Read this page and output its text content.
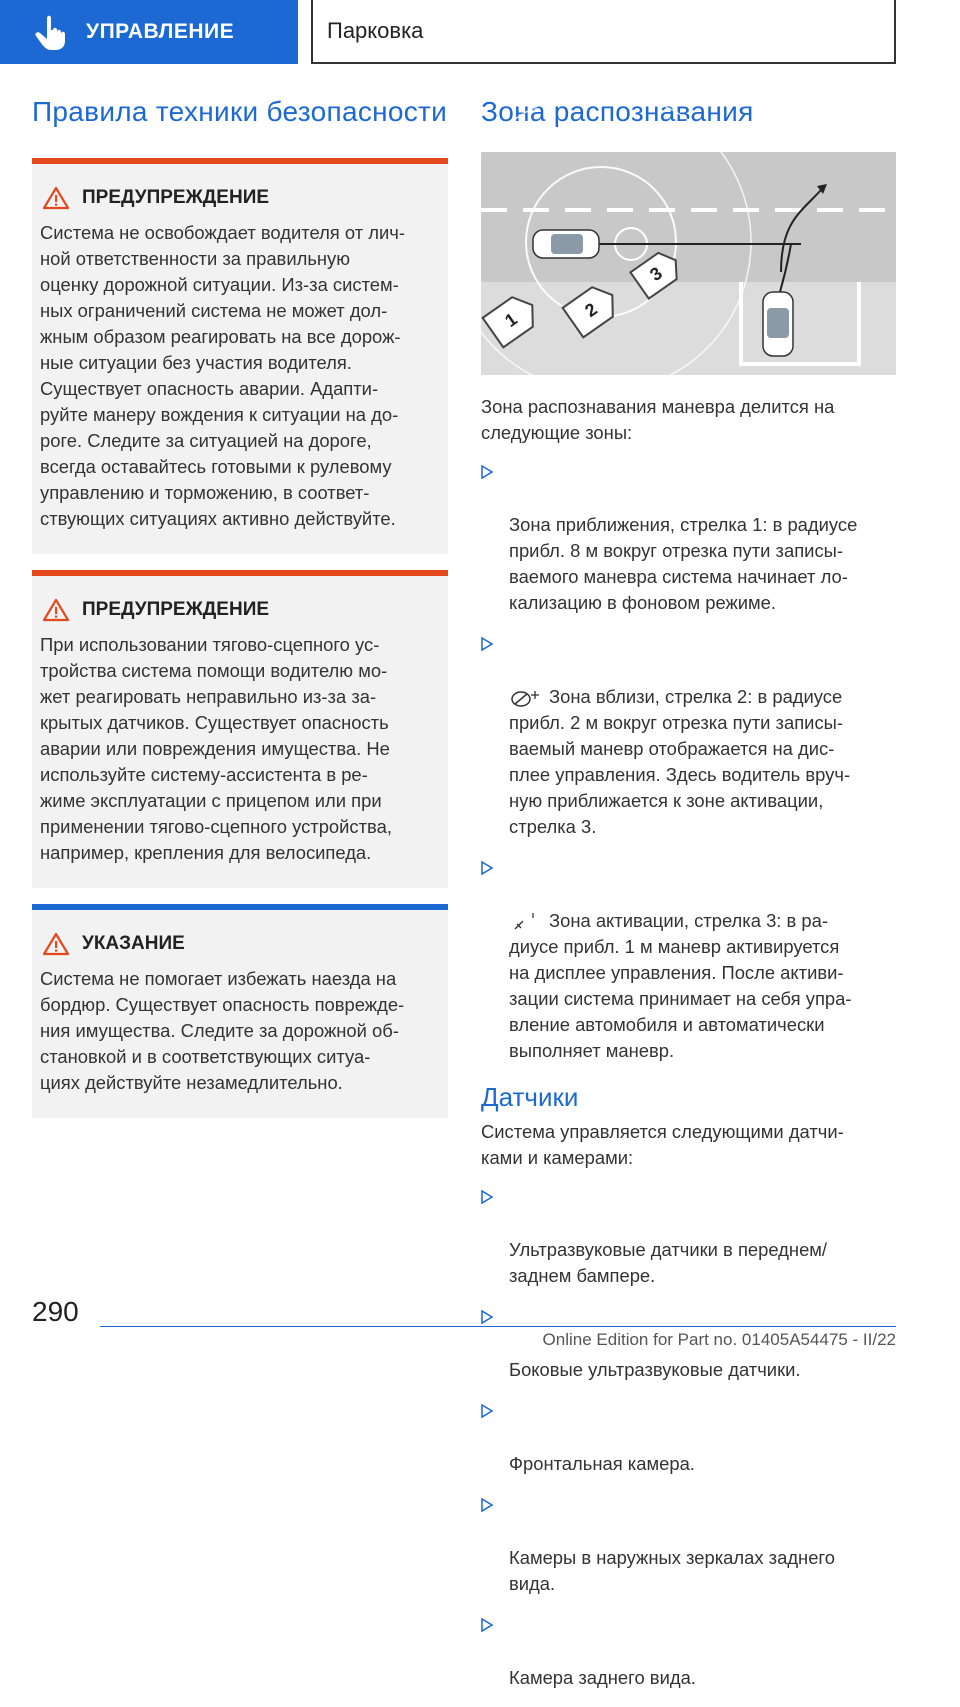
УПРАВЛЕНИЕ	Парковка
Правила техники безопасности
ПРЕДУПРЕЖДЕНИЕ
Система не освобождает водителя от лич-
ной ответственности за правильную
оценку дорожной ситуации. Из-за систем-
ных ограничений система не может дол-
жным образом реагировать на все дорож-
ные ситуации без участия водителя.
Существует опасность аварии. Адапти-
руйте манеру вождения к ситуации на до-
роге. Следите за ситуацией на дороге,
всегда оставайтесь готовыми к рулевому
управлению и торможению, в соответ-
ствующих ситуациях активно действуйте.
ПРЕДУПРЕЖДЕНИЕ
При использовании тягово-сцепного ус-
тройства система помощи водителю мо-
жет реагировать неправильно из-за за-
крытых датчиков. Существует опасность
аварии или повреждения имущества. Не
используйте систему-ассистента в ре-
жиме эксплуатации с прицепом или при
применении тягово-сцепного устройства,
например, крепления для велосипеда.
УКАЗАНИЕ
Система не помогает избежать наезда на
бордюр. Существует опасность поврежде-
ния имущества. Следите за дорожной об-
становкой и в соответствующих ситуа-
циях действуйте незамедлительно.
Зона распознавания
1	2
3
Зона распознавания маневра делится на
следующие зоны:

Зона приближения, стрелка 1: в радиусе
прибл. 8 м вокруг отрезка пути записы-
ваемого маневра система начинает ло-
кализацию в фоновом режиме.

Зона вблизи, стрелка 2: в радиусе
прибл. 2 м вокруг отрезка пути записы-
ваемый маневр отображается на дис-
плее управления. Здесь водитель вруч-
ную приближается к зоне активации,
стрелка 3.

Зона активации, стрелка 3: в ра-
диусе прибл. 1 м маневр активируется
на дисплее управления. После активи-
зации система принимает на себя упра-
вление автомобиля и автоматически
выполняет маневр.

Датчики
Система управляется следующими датчи-
ками и камерами:

Ультразвуковые датчики в переднем/
заднем бампере.

Боковые ультразвуковые датчики.

Фронтальная камера.

Камеры в наружных зеркалах заднего
вида.

Камера заднего вида.

290
Online Edition for Part no. 01405A54475 - II/22
